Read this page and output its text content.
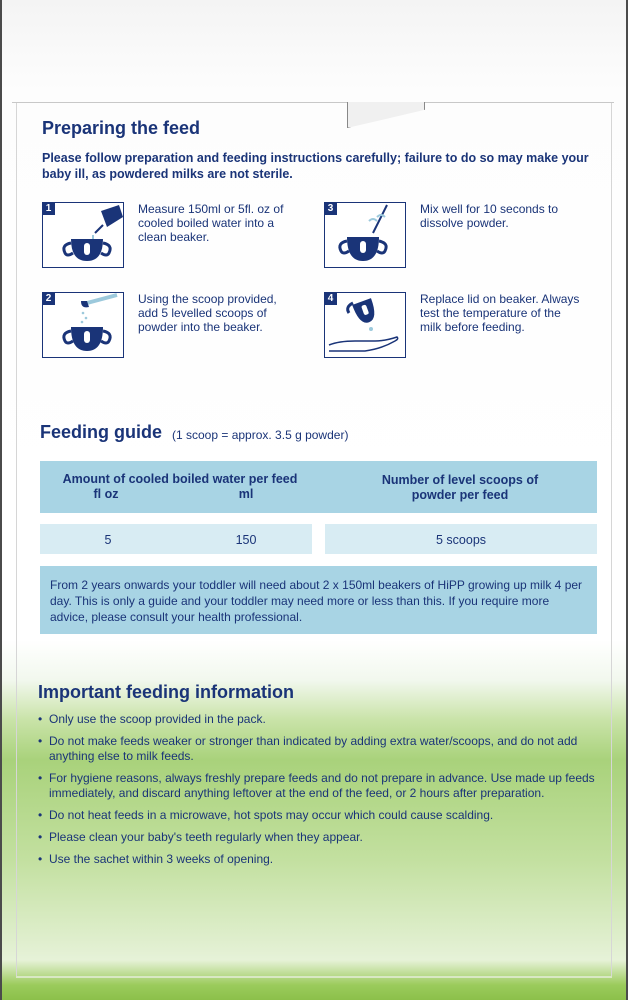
Preparing the feed

Please follow preparation and feeding instructions carefully; failure to do so may make your baby ill, as powdered milks are not sterile.

1	Measure 150ml or 5fl. oz of cooled boiled water into a clean beaker.
2	Using the scoop provided, add 5 levelled scoops of powder into the beaker.
3	Mix well for 10 seconds to dissolve powder.
4	Replace lid on beaker. Always test the temperature of the milk before feeding.
Feeding guide (1 scoop = approx. 3.5 g powder)
Amount of cooled boiled water per feed
fl oz	ml
Number of level scoops of powder per feed
5	150	5 scoops
From 2 years onwards your toddler will need about 2 x 150ml beakers of HiPP growing up milk 4 per day. This is only a guide and your toddler may need more or less than this. If you require more advice, please consult your health professional.
Important feeding information
• Only use the scoop provided in the pack.
• Do not make feeds weaker or stronger than indicated by adding extra water/scoops, and do not add anything else to milk feeds.
• For hygiene reasons, always freshly prepare feeds and do not prepare in advance. Use made up feeds immediately, and discard anything leftover at the end of the feed, or 2 hours after preparation.
• Do not heat feeds in a microwave, hot spots may occur which could cause scalding.
• Please clean your baby's teeth regularly when they appear.
• Use the sachet within 3 weeks of opening.
